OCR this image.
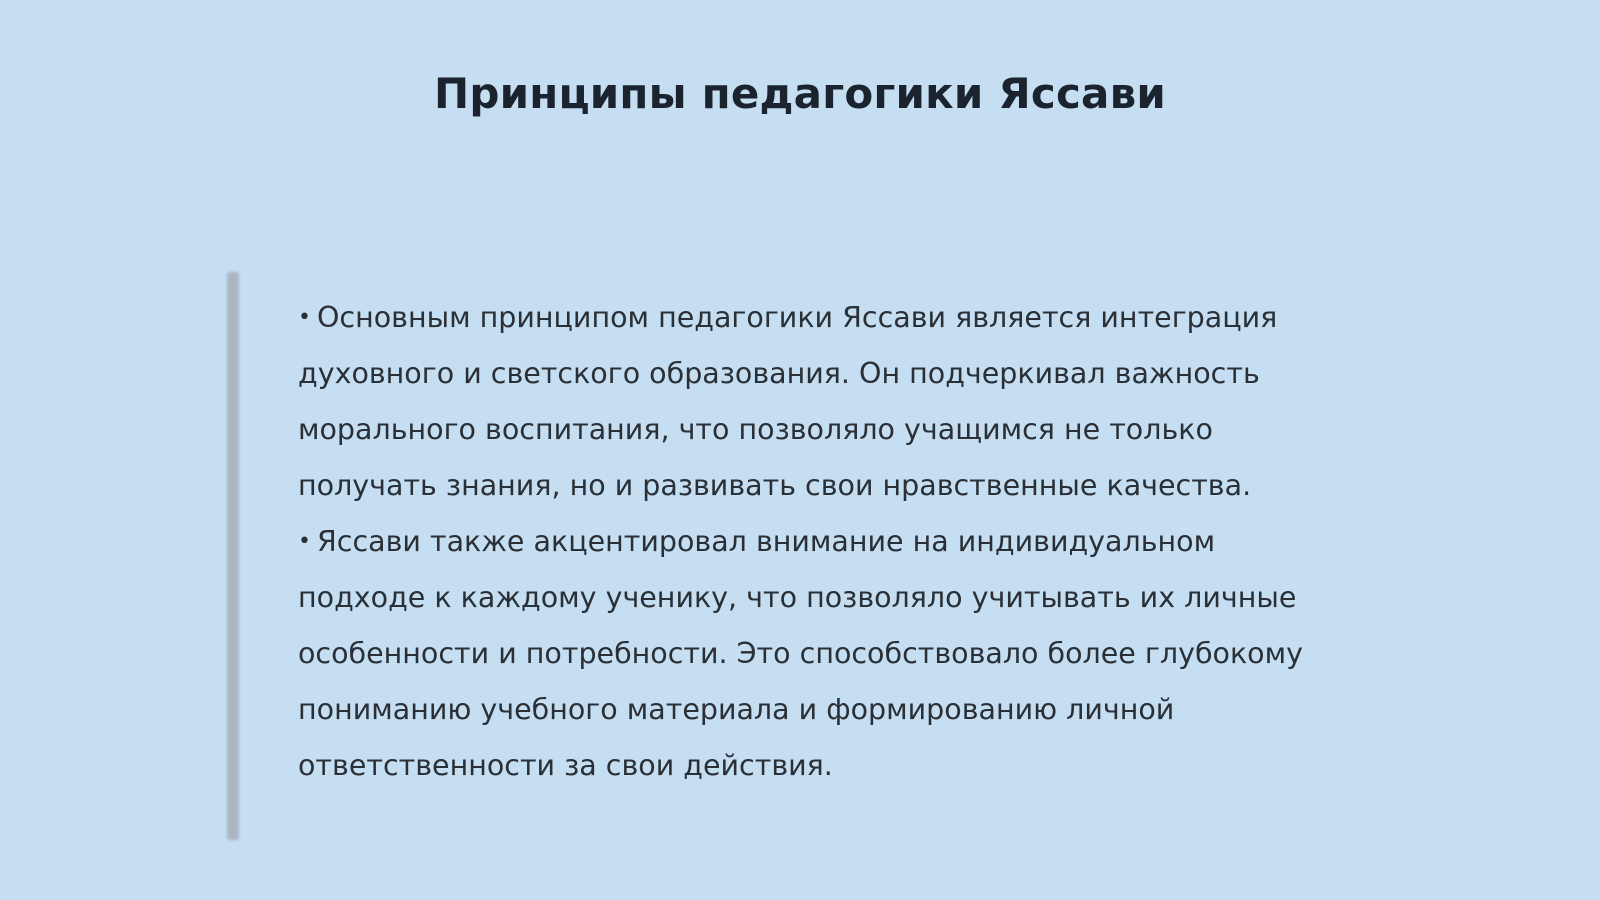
Принципы педагогики Яссави
• Основным принципом педагогики Яссави является интеграция духовного и светского образования. Он подчеркивал важность морального воспитания, что позволяло учащимся не только получать знания, но и развивать свои нравственные качества.
• Яссави также акцентировал внимание на индивидуальном подходе к каждому ученику, что позволяло учитывать их личные особенности и потребности. Это способствовало более глубокому пониманию учебного материала и формированию личной ответственности за свои действия.
